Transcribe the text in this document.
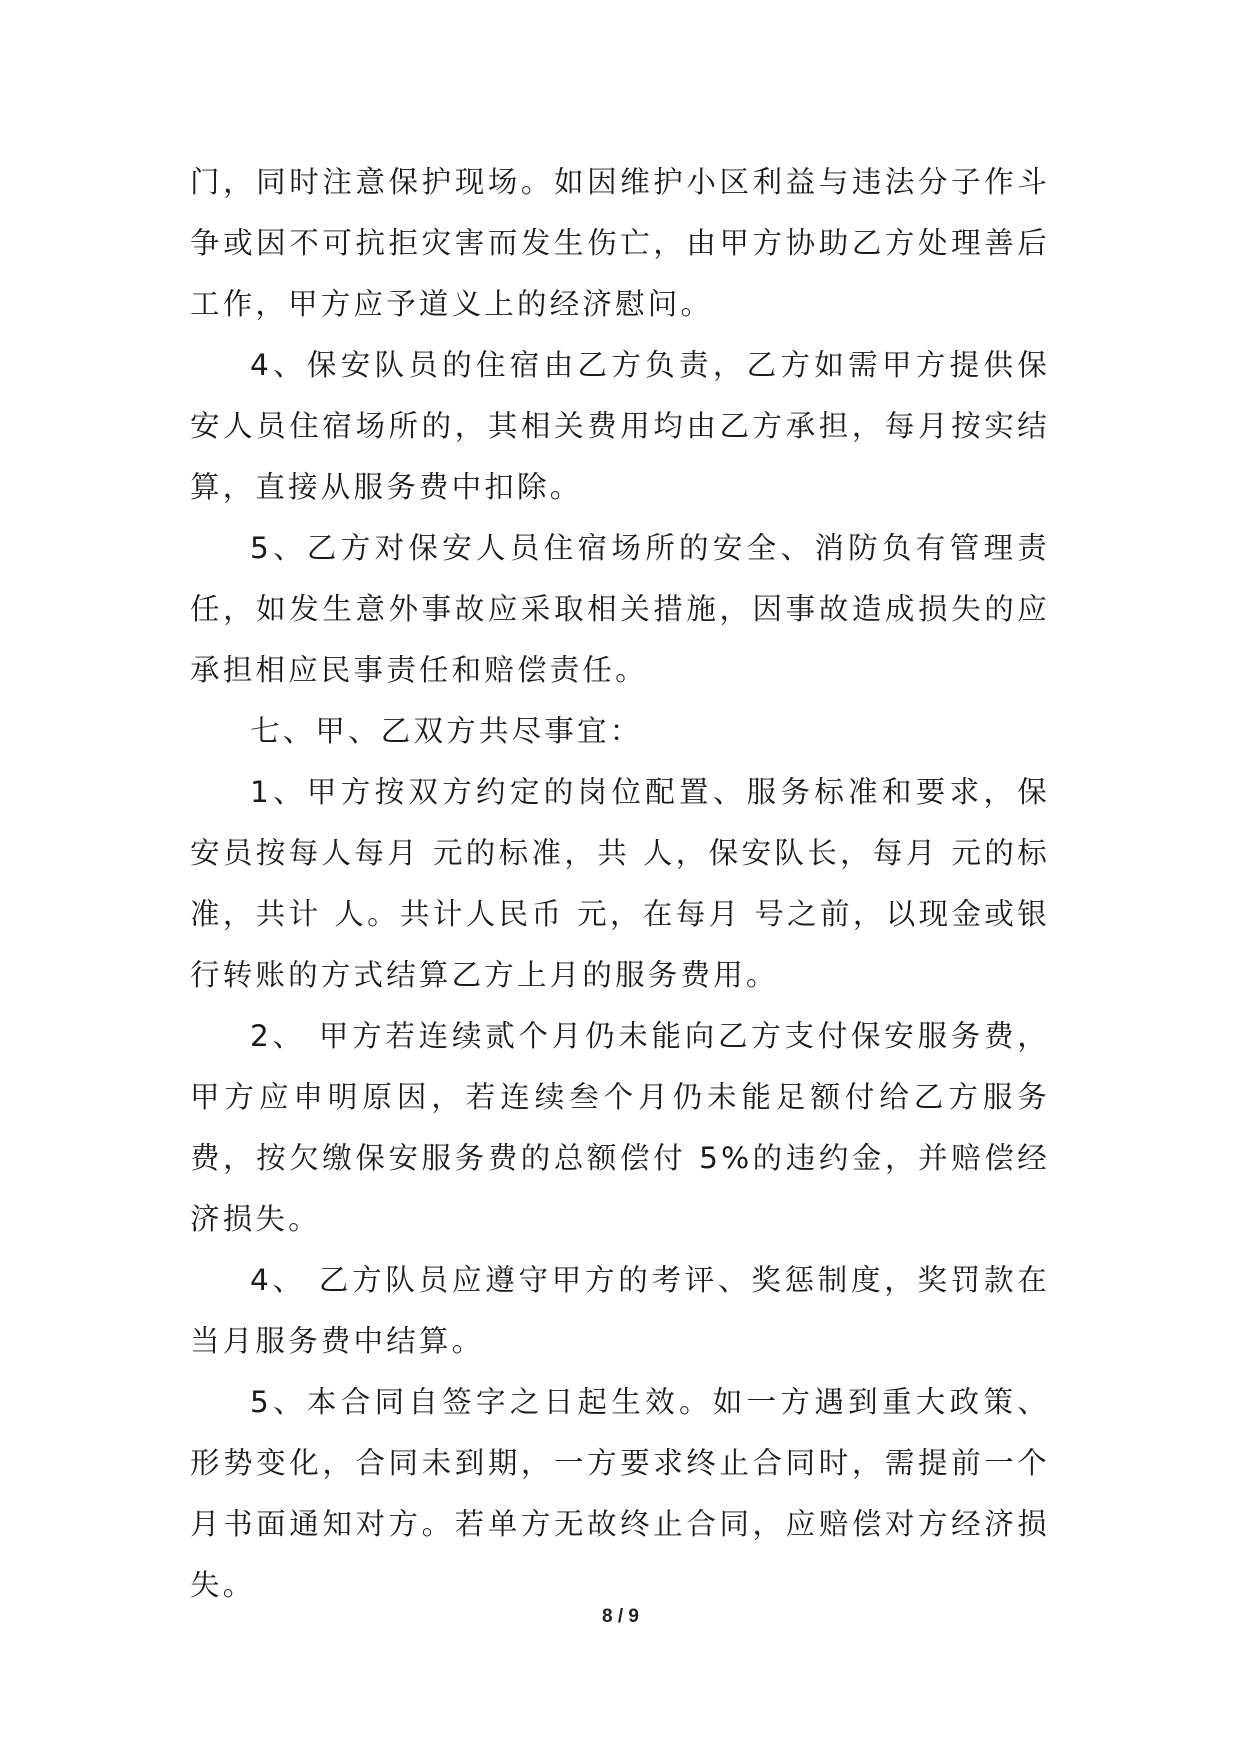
门，同时注意保护现场。如因维护小区利益与违法分子作斗争或因不可抗拒灾害而发生伤亡，由甲方协助乙方处理善后工作，甲方应予道义上的经济慰问。

4、保安队员的住宿由乙方负责，乙方如需甲方提供保安人员住宿场所的，其相关费用均由乙方承担，每月按实结算，直接从服务费中扣除。

5、乙方对保安人员住宿场所的安全、消防负有管理责任，如发生意外事故应采取相关措施，因事故造成损失的应承担相应民事责任和赔偿责任。

七、甲、乙双方共尽事宜：

1、甲方按双方约定的岗位配置、服务标准和要求，保安员按每人每月 元的标准，共 人，保安队长，每月 元的标准，共计 人。共计人民币 元，在每月 号之前，以现金或银行转账的方式结算乙方上月的服务费用。

2、 甲方若连续贰个月仍未能向乙方支付保安服务费，甲方应申明原因，若连续叁个月仍未能足额付给乙方服务费，按欠缴保安服务费的总额偿付 5%的违约金，并赔偿经济损失。

4、 乙方队员应遵守甲方的考评、奖惩制度，奖罚款在当月服务费中结算。

5、本合同自签字之日起生效。如一方遇到重大政策、形势变化，合同未到期，一方要求终止合同时，需提前一个月书面通知对方。若单方无故终止合同，应赔偿对方经济损失。

8 / 9
